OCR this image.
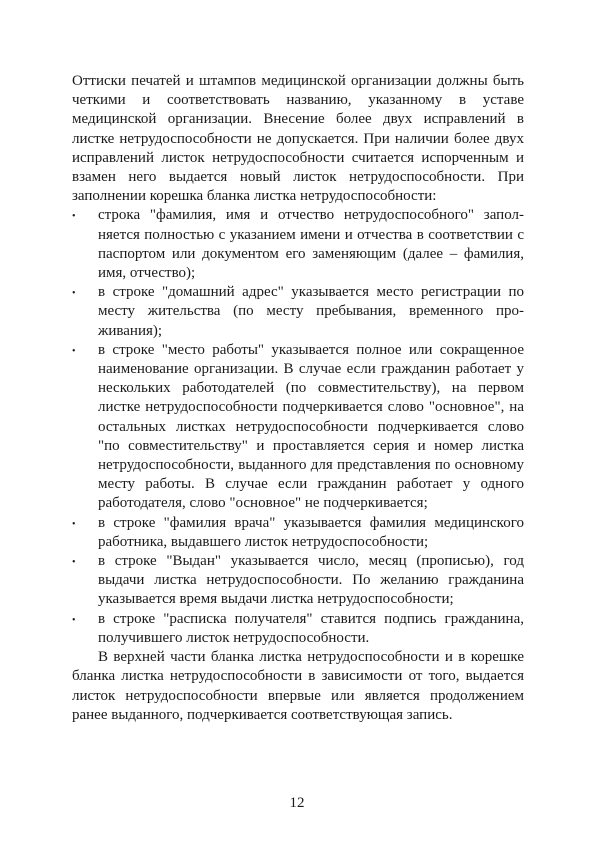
Оттиски печатей и штампов медицинской организации должны быть четкими и соответствовать названию, указанному в уставе медицинской организации. Внесение более двух исправлений в листке нетрудоспособности не допускается. При наличии более двух исправлений листок нетрудоспособности считается испорченным и взамен него выдается новый листок нетрудоспособности. При заполнении корешка бланка листка нетрудоспособности:

• строка "фамилия, имя и отчество нетрудоспособного" заполняется полностью с указанием имени и отчества в соответствии с паспортом или документом его заменяющим (далее – фамилия, имя, отчество);
• в строке "домашний адрес" указывается место регистрации по месту жительства (по месту пребывания, временного проживания);
• в строке "место работы" указывается полное или сокращенное наименование организации. В случае если гражданин работает у нескольких работодателей (по совместительству), на первом листке нетрудоспособности подчеркивается слово "основное", на остальных листках нетрудоспособности подчеркивается слово "по совместительству" и проставляется серия и номер листка нетрудоспособности, выданного для представления по основному месту работы. В случае если гражданин работает у одного работодателя, слово "основное" не подчеркивается;
• в строке "фамилия врача" указывается фамилия медицинского работника, выдавшего листок нетрудоспособности;
• в строке "Выдан" указывается число, месяц (прописью), год выдачи листка нетрудоспособности. По желанию гражданина указывается время выдачи листка нетрудоспособности;
• в строке "расписка получателя" ставится подпись гражданина, получившего листок нетрудоспособности.

В верхней части бланка листка нетрудоспособности и в корешке бланка листка нетрудоспособности в зависимости от того, выдается листок нетрудоспособности впервые или является продолжением ранее выданного, подчеркивается соответствующая запись.

12
